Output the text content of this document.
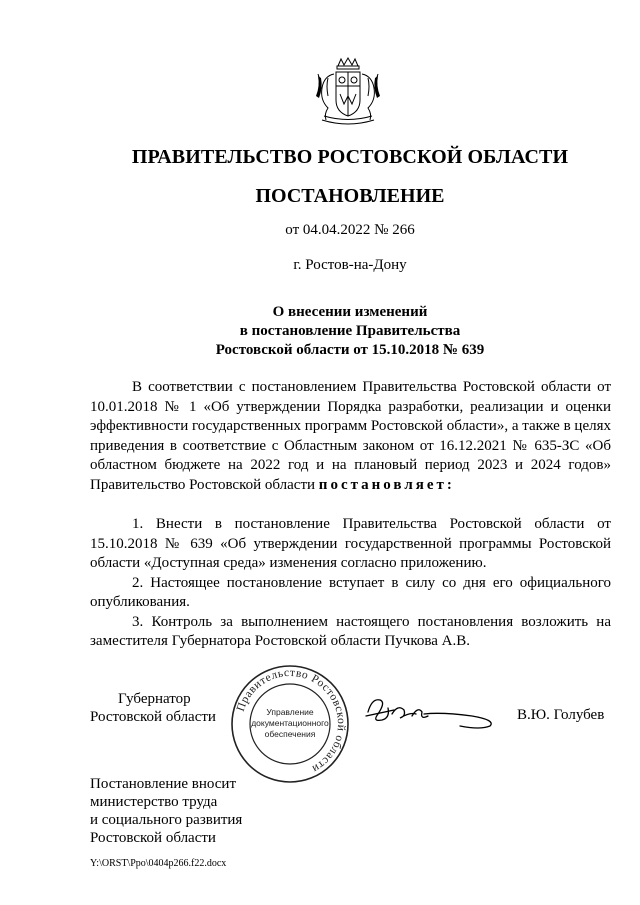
ПРАВИТЕЛЬСТВО РОСТОВСКОЙ ОБЛАСТИ
ПОСТАНОВЛЕНИЕ
от 04.04.2022 № 266
г. Ростов-на-Дону
О внесении изменений
в постановление Правительства
Ростовской области от 15.10.2018 № 639
В соответствии с постановлением Правительства Ростовской области от 10.01.2018 № 1 «Об утверждении Порядка разработки, реализации и оценки эффективности государственных программ Ростовской области», а также в целях приведения в соответствие с Областным законом от 16.12.2021 № 635-ЗС «Об областном бюджете на 2022 год и на плановый период 2023 и 2024 годов» Правительство Ростовской области постановляет:
1. Внести в постановление Правительства Ростовской области от 15.10.2018 № 639 «Об утверждении государственной программы Ростовской области «Доступная среда» изменения согласно приложению.
2. Настоящее постановление вступает в силу со дня его официального опубликования.
3. Контроль за выполнением настоящего постановления возложить на заместителя Губернатора Ростовской области Пучкова А.В.
Губернатор
Ростовской области
Правительство Ростовской области
Управление
документационного
обеспечения
В.Ю. Голубев
Постановление вносит
министерство труда
и социального развития
Ростовской области
Y:\ORST\Ppo\0404p266.f22.docx
